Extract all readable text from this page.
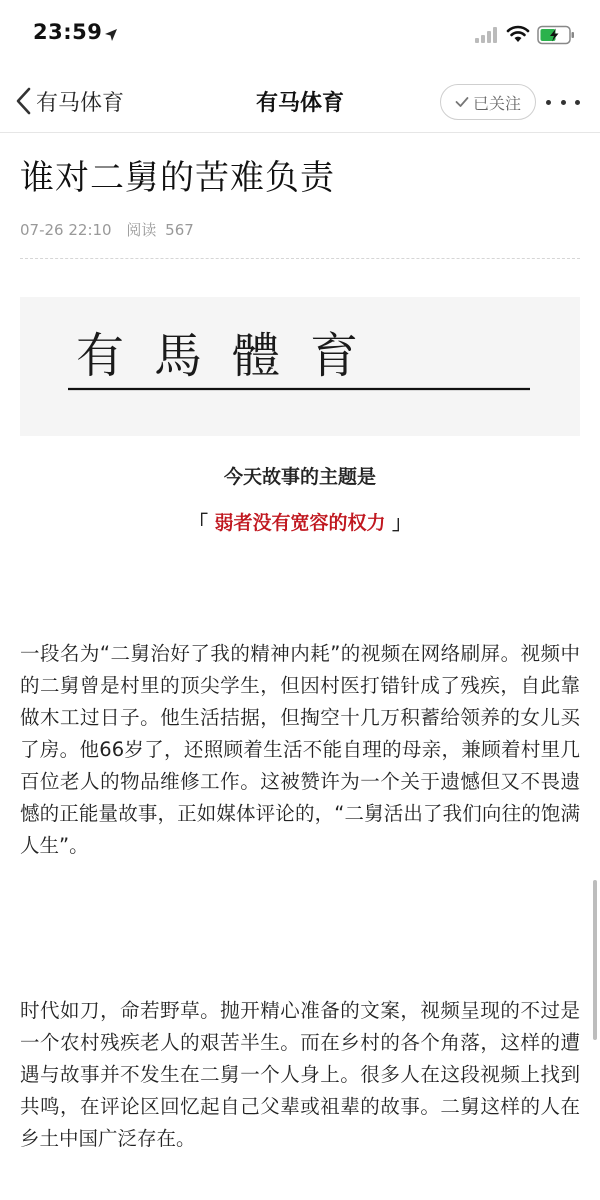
23:59
有马体育	有马体育	已关注
谁对二舅的苦难负责
07-26 22:10 阅读 567
有馬體育
今天故事的主题是
「 弱者没有宽容的权力 」

一段名为“二舅治好了我的精神内耗”的视频在网络刷屏。视频中的二舅曾是村里的顶尖学生，但因村医打错针成了残疾，自此靠做木工过日子。他生活拮据，但掏空十几万积蓄给领养的女儿买了房。他66岁了，还照顾着生活不能自理的母亲，兼顾着村里几百位老人的物品维修工作。这被赞许为一个关于遗憾但又不畏遗憾的正能量故事，正如媒体评论的，“二舅活出了我们向往的饱满人生”。

时代如刀，命若野草。抛开精心准备的文案，视频呈现的不过是一个农村残疾老人的艰苦半生。而在乡村的各个角落，这样的遭遇与故事并不发生在二舅一个人身上。很多人在这段视频上找到共鸣，在评论区回忆起自己父辈或祖辈的故事。二舅这样的人在乡土中国广泛存在。
